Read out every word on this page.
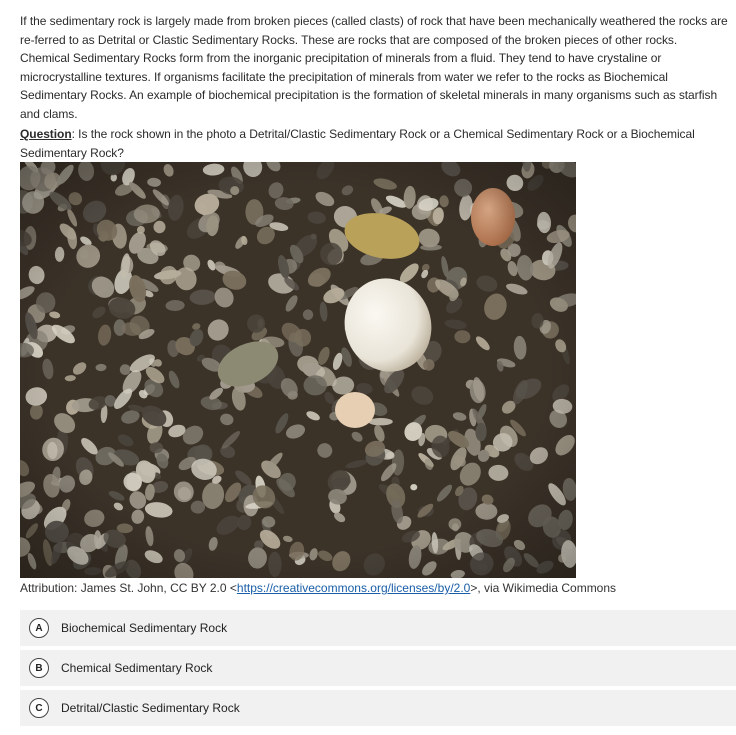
If the sedimentary rock is largely made from broken pieces (called clasts) of rock that have been mechanically weathered the rocks are re-ferred to as Detrital or Clastic Sedimentary Rocks. These are rocks that are composed of the broken pieces of other rocks. Chemical Sedimentary Rocks form from the inorganic precipitation of minerals from a fluid. They tend to have crystaline or microcrystalline textures. If organisms facilitate the precipitation of minerals from water we refer to the rocks as Biochemical Sedimentary Rocks. An example of biochemical precipitation is the formation of skeletal minerals in many organisms such as starfish and clams.

Question: Is the rock shown in the photo a Detrital/Clastic Sedimentary Rock or a Chemical Sedimentary Rock or a Biochemical Sedimentary Rock?

Attribution: James St. John, CC BY 2.0 <https://creativecommons.org/licenses/by/2.0>, via Wikimedia Commons

A	Biochemical Sedimentary Rock
B	Chemical Sedimentary Rock
C	Detrital/Clastic Sedimentary Rock
